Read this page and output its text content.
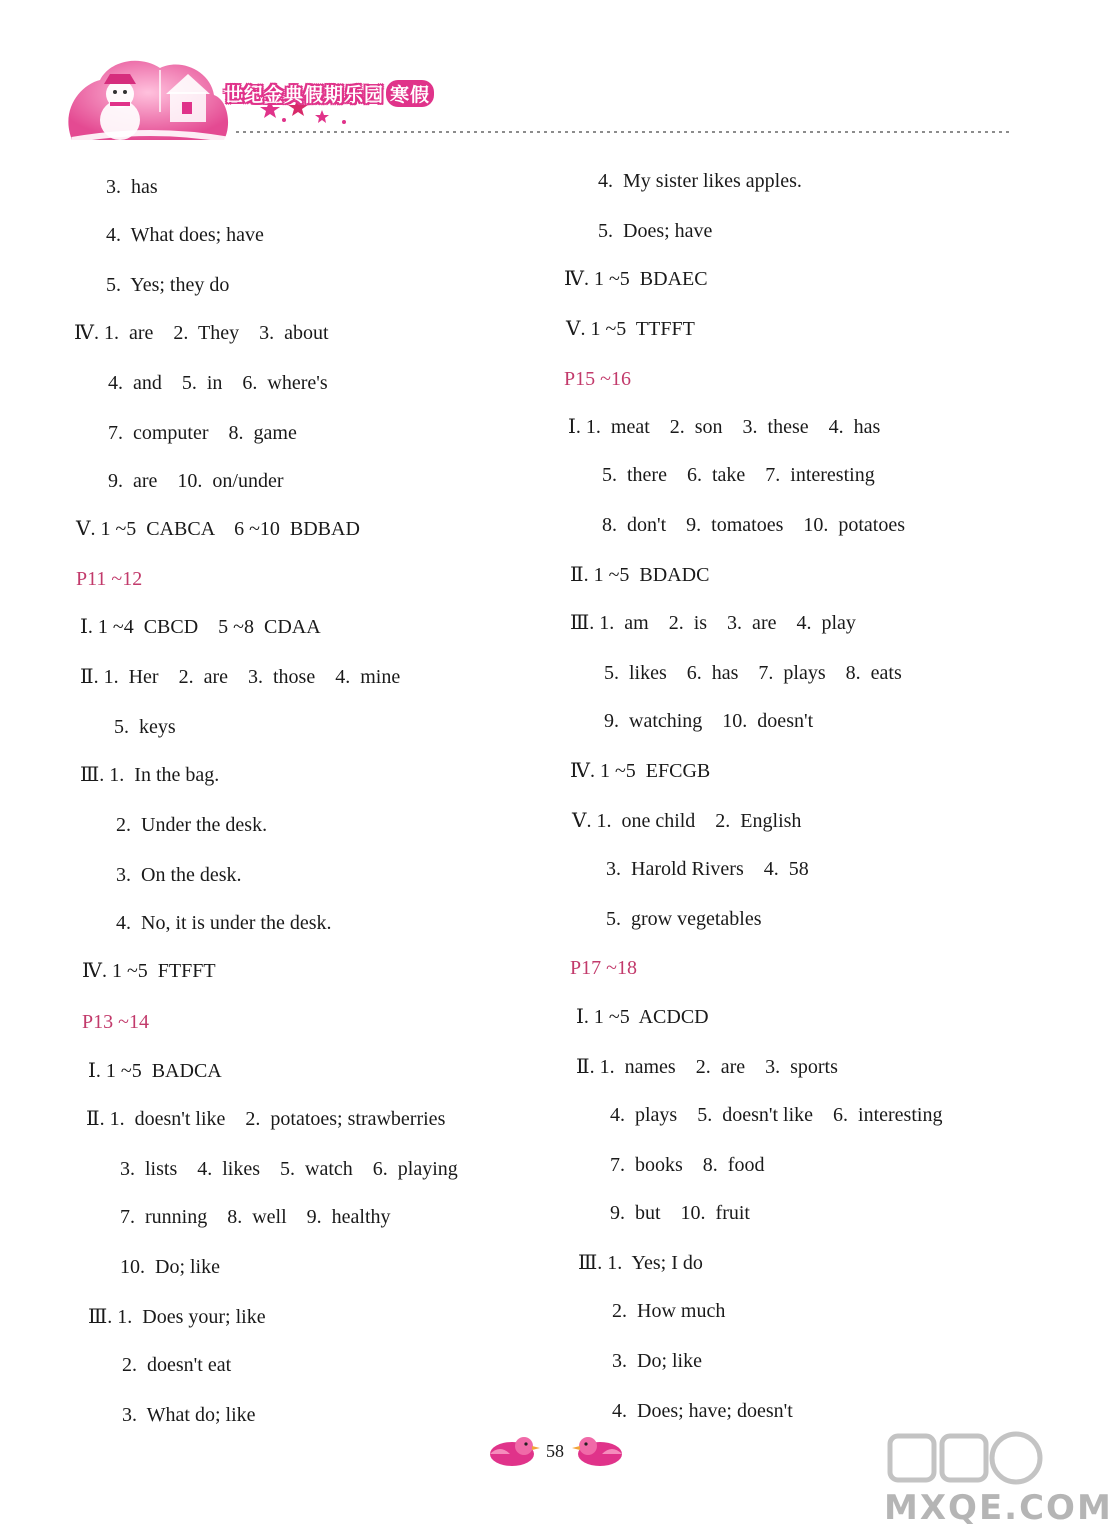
世纪金典假期乐园 寒假
3.  has
4.  What does; have
5.  Yes; they do
Ⅳ. 1.  are    2.  They    3.  about
4.  and    5.  in    6.  where's
7.  computer    8.  game
9.  are    10.  on/under
Ⅴ. 1 ~5  CABCA    6 ~10  BDBAD
P11 ~12
Ⅰ. 1 ~4  CBCD    5 ~8  CDAA
Ⅱ. 1.  Her    2.  are    3.  those    4.  mine
5.  keys
Ⅲ. 1.  In the bag.
2.  Under the desk.
3.  On the desk.
4.  No, it is under the desk.
Ⅳ. 1 ~5  FTFFT
P13 ~14
Ⅰ. 1 ~5  BADCA
Ⅱ. 1.  doesn't like    2.  potatoes; strawberries
3.  lists    4.  likes    5.  watch    6.  playing
7.  running    8.  well    9.  healthy
10.  Do; like
Ⅲ. 1.  Does your; like
2.  doesn't eat
3.  What do; like
4.  My sister likes apples.
5.  Does; have
Ⅳ. 1 ~5  BDAEC
Ⅴ. 1 ~5  TTFFT
P15 ~16
Ⅰ. 1.  meat    2.  son    3.  these    4.  has
5.  there    6.  take    7.  interesting
8.  don't    9.  tomatoes    10.  potatoes
Ⅱ. 1 ~5  BDADC
Ⅲ. 1.  am    2.  is    3.  are    4.  play
5.  likes    6.  has    7.  plays    8.  eats
9.  watching    10.  doesn't
Ⅳ. 1 ~5  EFCGB
Ⅴ. 1.  one child    2.  English
3.  Harold Rivers    4.  58
5.  grow vegetables
P17 ~18
Ⅰ. 1 ~5  ACDCD
Ⅱ. 1.  names    2.  are    3.  sports
4.  plays    5.  doesn't like    6.  interesting
7.  books    8.  food
9.  but    10.  fruit
Ⅲ. 1.  Yes; I do
2.  How much
3.  Do; like
4.  Does; have; doesn't
58
MXQE.COM
